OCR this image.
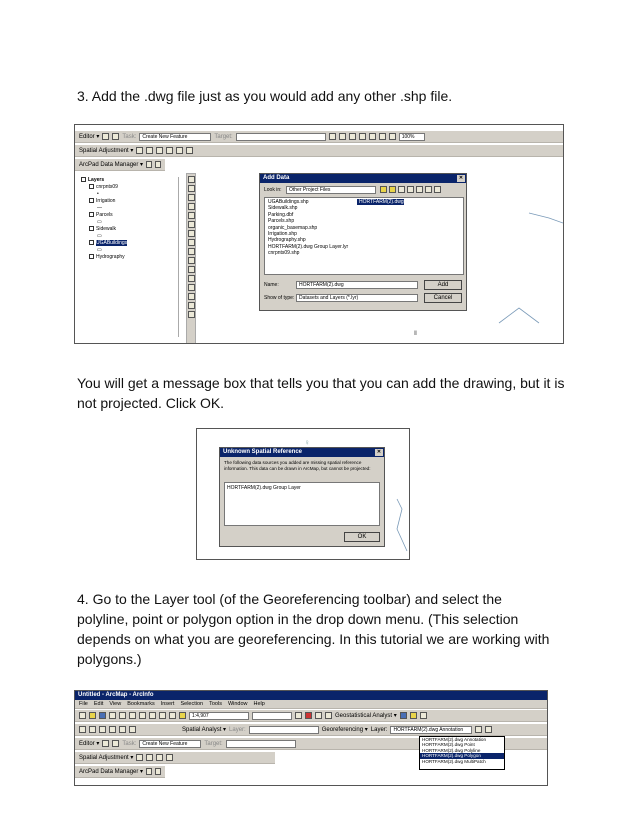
3. Add the .dwg file just as you would add any other .shp file.
Editor ▾	Task:	Create New Feature	Target:	100%
Spatial Adjustment ▾
ArcPad Data Manager ▾
Layers
cnrpnts09
•
Irrigation
—
Parcels
▭
Sidewalk
▭
UGABuildings
▭
Hydrography
Ⅱ
Add Data	✕
Look in:	Other Project Files
UGABuildings.shp
Sidewalk.shp
Parking.dbf
Parcels.shp
organic_basemap.shp
Irrigation.shp
Hydrography.shp
HORTFARM(2).dwg Group Layer.lyr
cnrpnts09.shp
HORTFARM(2).dwg
Name:	HORTFARM(2).dwg
Show of type: Datasets and Layers (*.lyr)
Add
Cancel
You will get a message box that tells you that you can add the drawing, but it is not projected. Click OK.
♀
Unknown Spatial Reference	✕
The following data sources you added are missing spatial reference information. This data can be drawn in ArcMap, but cannot be projected:
HORTFARM(2).dwg Group Layer
OK
4. Go to the Layer tool (of the Georeferencing toolbar) and select the polyline, point or polygon option in the drop down menu. (This selection depends on what you are georeferencing. In this tutorial we are working with polygons.)
Untitled - ArcMap - ArcInfo
File Edit View Bookmarks Insert Selection Tools Window Help
1:4,907	Geostatistical Analyst ▾
Spatial Analyst ▾ Layer:	Georeferencing ▾ Layer:	HORTFARM(2).dwg Annotation
Editor ▾	Task:	Create New Feature	Target:
Spatial Adjustment ▾
ArcPad Data Manager ▾
HORTFARM(2).dwg Annotation
HORTFARM(2).dwg Point
HORTFARM(2).dwg Polyline
HORTFARM(2).dwg Polygon
HORTFARM(2).dwg MultiPatch
